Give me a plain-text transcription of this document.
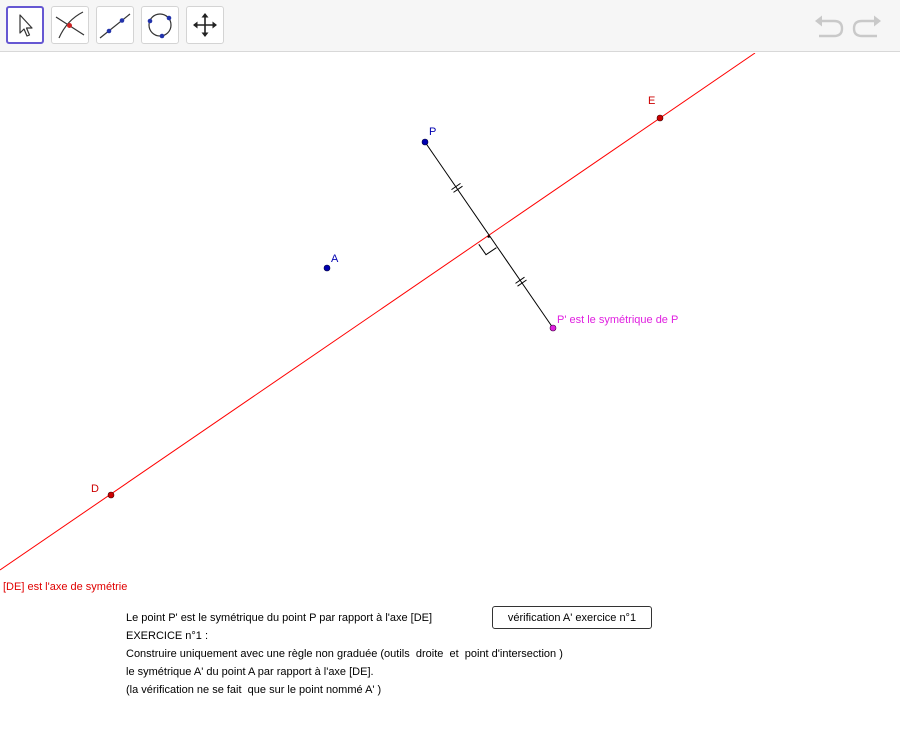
P
A
E
D
P' est le symétrique de P
[DE] est l'axe de symétrie
Le point P' est le symétrique du point P par rapport à l'axe [DE]
EXERCICE n°1 :
Construire uniquement avec une règle non graduée (outils  droite  et  point d'intersection )
le symétrique A' du point A par rapport à l'axe [DE].
(la vérification ne se fait  que sur le point nommé A' )
vérification A' exercice n°1
